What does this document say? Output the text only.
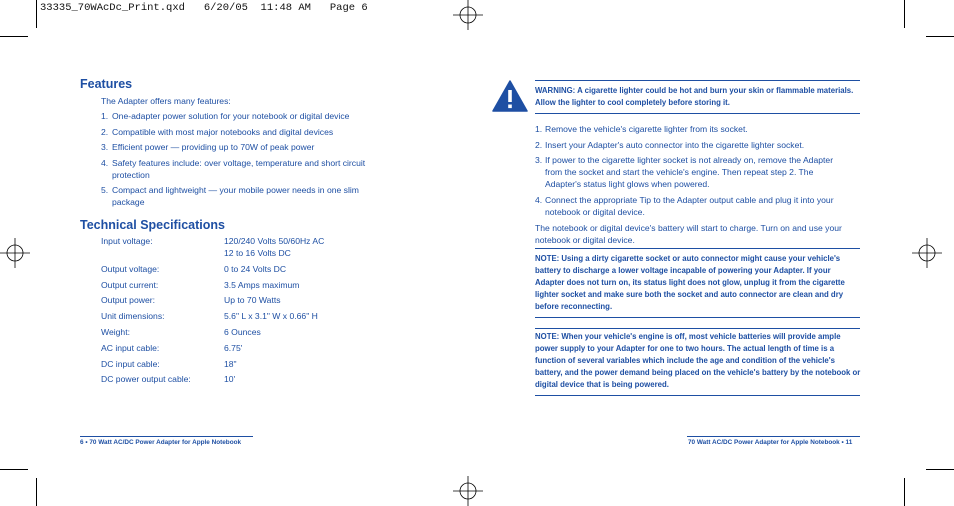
33335_70WAcDc_Print.qxd   6/20/05  11:48 AM   Page 6
Features
The Adapter offers many features:
1. One-adapter power solution for your notebook or digital device
2. Compatible with most major notebooks and digital devices
3. Efficient power — providing up to 70W of peak power
4. Safety features include: over voltage, temperature and short circuit protection
5. Compact and lightweight — your mobile power needs in one slim package
Technical Specifications
Input voltage:	120/240 Volts 50/60Hz AC
12 to 16 Volts DC

Output voltage:	0 to 24 Volts DC
Output current:	3.5 Amps maximum
Output power:	Up to 70 Watts
Unit dimensions:	5.6" L x 3.1" W x 0.66" H
Weight:	6 Ounces
AC input cable:	6.75'
DC input cable:	18"
DC power output cable:	10'
6 • 70 Watt AC/DC Power Adapter for Apple Notebook
WARNING: A cigarette lighter could be hot and burn your skin or flammable materials. Allow the lighter to cool completely before storing it.
1. Remove the vehicle's cigarette lighter from its socket.
2. Insert your Adapter's auto connector into the cigarette lighter socket.
3. If power to the cigarette lighter socket is not already on, remove the Adapter from the socket and start the vehicle's engine. Then repeat step 2. The Adapter's status light glows when powered.
4. Connect the appropriate Tip to the Adapter output cable and plug it into your notebook or digital device.
The notebook or digital device's battery will start to charge. Turn on and use your notebook or digital device.
NOTE: Using a dirty cigarette socket or auto connector might cause your vehicle's battery to discharge a lower voltage incapable of powering your Adapter. If your Adapter does not turn on, its status light does not glow, unplug it from the cigarette lighter socket and make sure both the socket and auto connector are clean and dry before reconnecting.
NOTE: When your vehicle's engine is off, most vehicle batteries will provide ample power supply to your Adapter for one to two hours. The actual length of time is a function of several variables which include the age and condition of the vehicle's battery, and the power demand being placed on the vehicle's battery by the notebook or digital device that is being powered.
70 Watt AC/DC Power Adapter for Apple Notebook • 11
